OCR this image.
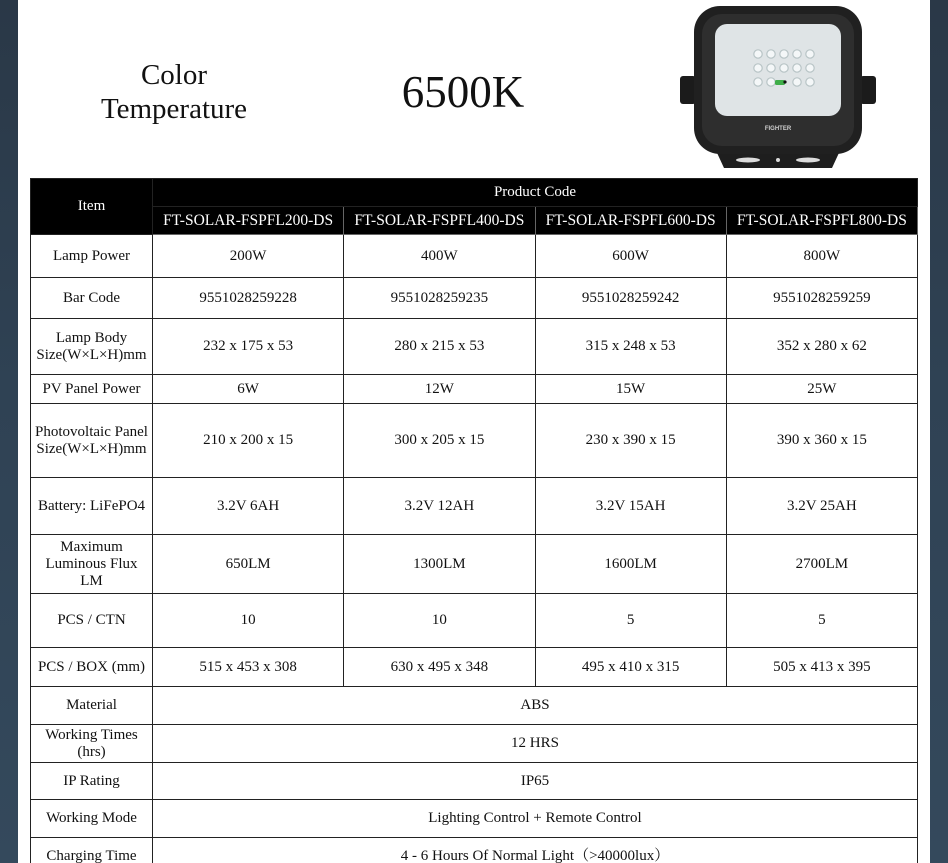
Color Temperature	6500K
FIGHTER
Item	Product Code			
	FT-SOLAR-FSPFL200-DS	FT-SOLAR-FSPFL400-DS	FT-SOLAR-FSPFL600-DS	FT-SOLAR-FSPFL800-DS
Lamp Power	200W	400W	600W	800W
Bar Code	9551028259228	9551028259235	9551028259242	9551028259259
Lamp Body Size(W×L×H)mm	232 x 175 x 53	280 x 215 x 53	315 x 248 x 53	352 x 280 x 62
PV Panel Power	6W	12W	15W	25W
Photovoltaic Panel Size(W×L×H)mm	210 x 200 x 15	300 x 205 x 15	230 x 390 x 15	390 x 360 x 15
Battery: LiFePO4	3.2V 6AH	3.2V 12AH	3.2V 15AH	3.2V 25AH
Maximum Luminous Flux LM	650LM	1300LM	1600LM	2700LM
PCS / CTN	10	10	5	5
PCS / BOX (mm)	515 x 453 x 308	630 x 495 x 348	495 x 410 x 315	505 x 413 x 395
Material	ABS			
Working Times (hrs)	12 HRS			
IP Rating	IP65			
Working Mode	Lighting Control + Remote Control			
Charging Time	4 - 6 Hours Of Normal Light（>40000lux）			
